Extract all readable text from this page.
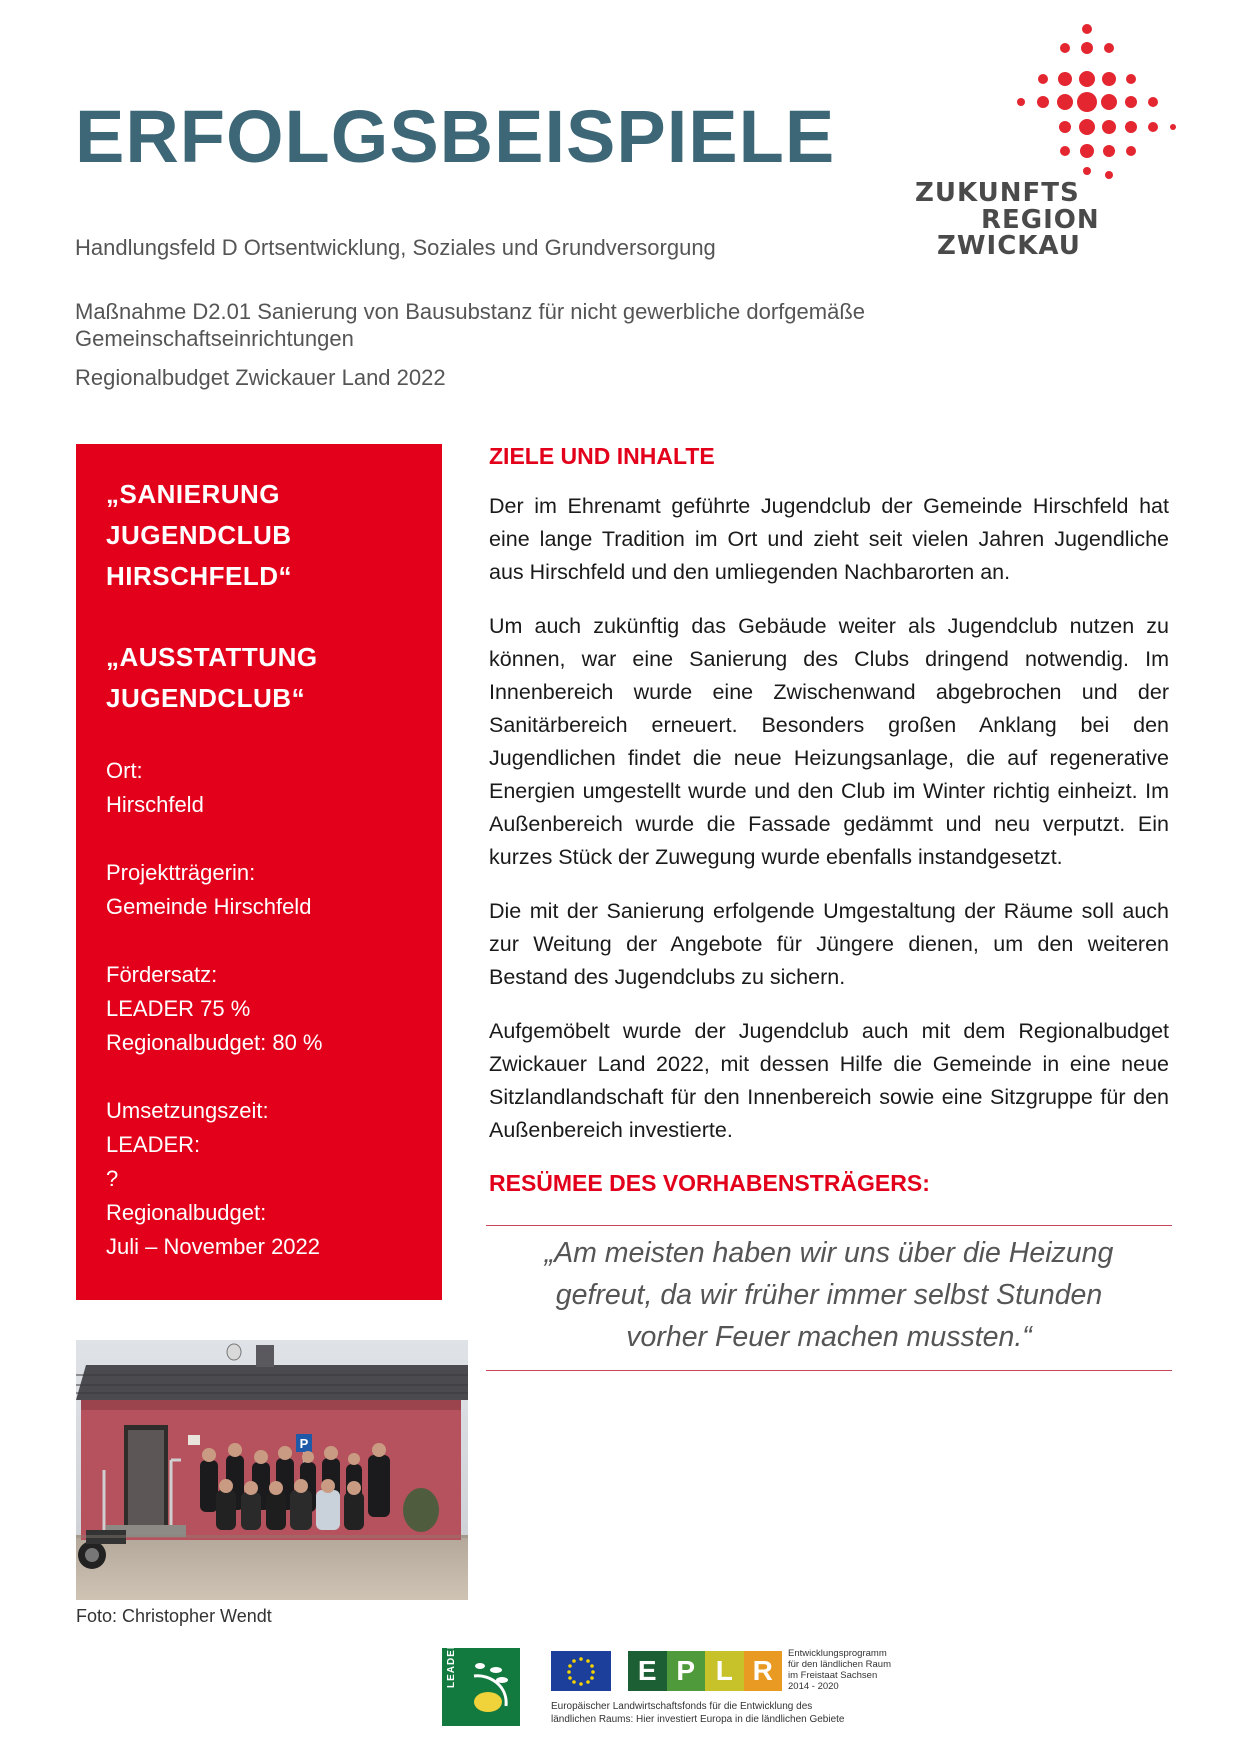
ERFOLGSBEISPIELE
Handlungsfeld D Ortsentwicklung, Soziales und Grundversorgung
Maßnahme D2.01 Sanierung von Bausubstanz für nicht gewerbliche dorfgemäße
Gemeinschaftseinrichtungen
Regionalbudget Zwickauer Land 2022
ZUKUNFTS
REGION
ZWICKAU
„SANIERUNG
JUGENDCLUB
HIRSCHFELD“
„AUSSTATTUNG
JUGENDCLUB“
Ort:
Hirschfeld
Projektträgerin:
Gemeinde Hirschfeld
Fördersatz:
LEADER 75 %
Regionalbudget: 80 %
Umsetzungszeit:
LEADER:
?
Regionalbudget:
Juli – November 2022
ZIELE UND INHALTE

Der im Ehrenamt geführte Jugendclub der Gemeinde Hirschfeld hat eine lange Tradition im Ort und zieht seit vielen Jahren Jugendliche aus Hirschfeld und den umliegenden Nachbarorten an.

Um auch zukünftig das Gebäude weiter als Jugendclub nutzen zu können, war eine Sanierung des Clubs dringend notwendig. Im Innenbereich wurde eine Zwischenwand abgebrochen und der Sanitärbereich erneuert. Besonders großen Anklang bei den Jugendlichen findet die neue Heizungsanlage, die auf regenerative Energien umgestellt wurde und den Club im Winter richtig einheizt. Im Außenbereich wurde die Fassade gedämmt und neu verputzt. Ein kurzes Stück der Zuwegung wurde ebenfalls instandgesetzt.

Die mit der Sanierung erfolgende Umgestaltung der Räume soll auch zur Weitung der Angebote für Jüngere dienen, um den weiteren Bestand des Jugendclubs zu sichern.

Aufgemöbelt wurde der Jugendclub auch mit dem Regionalbudget Zwickauer Land 2022, mit dessen Hilfe die Gemeinde in eine neue Sitzlandlandschaft für den Innenbereich sowie eine Sitzgruppe für den Außenbereich investierte.

RESÜMEE DES VORHABENSTRÄGERS:
„Am meisten haben wir uns über die Heizung
gefreut, da wir früher immer selbst Stunden
vorher Feuer machen mussten.“
P
Foto: Christopher Wendt
LEADER	E P L R
Entwicklungsprogramm
für den ländlichen Raum
im Freistaat Sachsen
2014 - 2020
Europäischer Landwirtschaftsfonds für die Entwicklung des
ländlichen Raums: Hier investiert Europa in die ländlichen Gebiete
